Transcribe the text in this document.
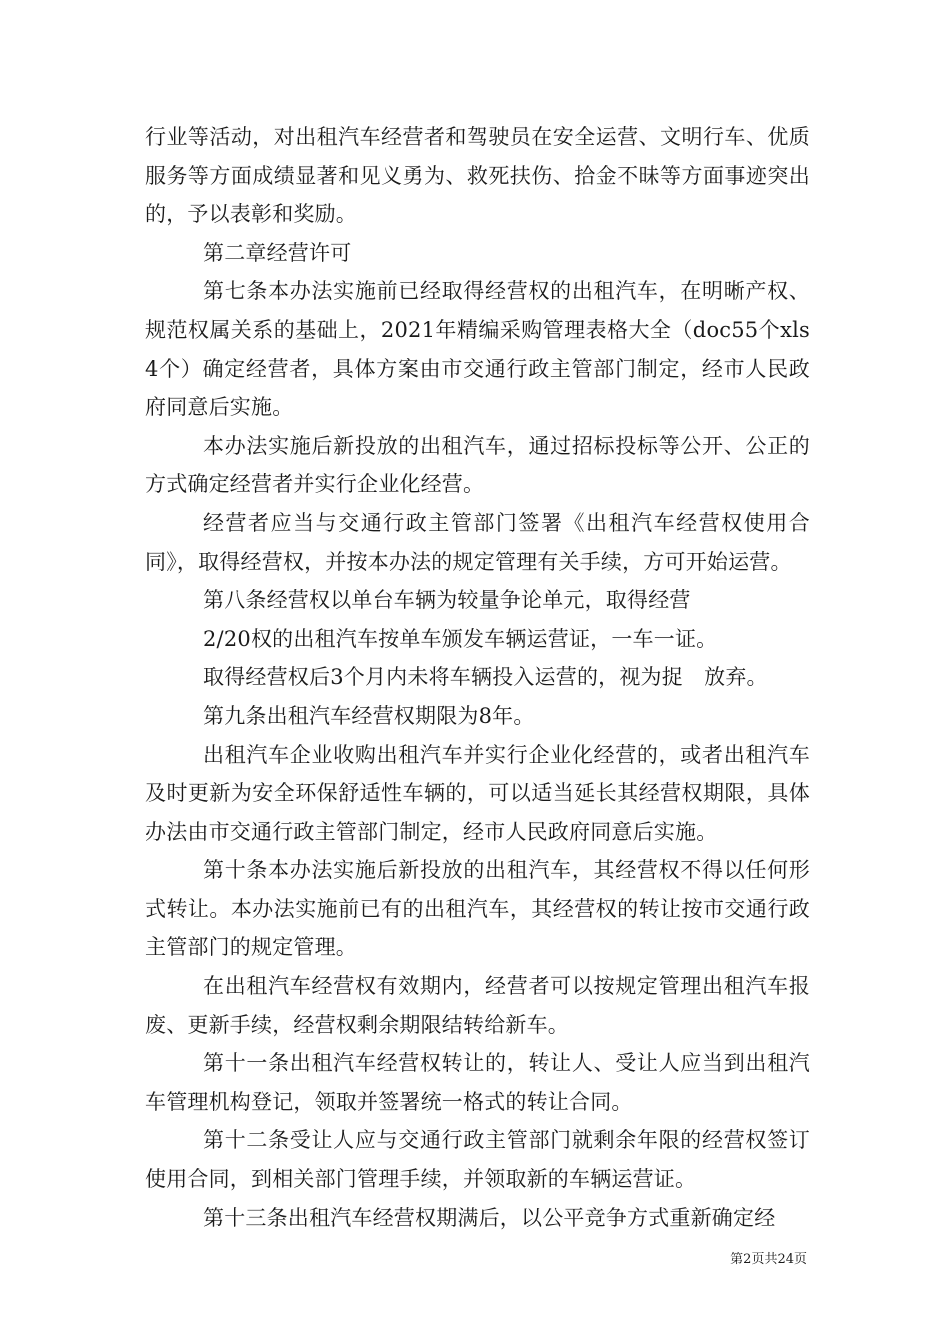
行业等活动，对出租汽车经营者和驾驶员在安全运营、文明行车、优质服务等方面成绩显著和见义勇为、救死扶伤、拾金不昧等方面事迹突出的，予以表彰和奖励。

第二章经营许可

第七条本办法实施前已经取得经营权的出租汽车，在明晰产权、规范权属关系的基础上，2021年精编采购管理表格大全（doc55个xls4个）确定经营者，具体方案由市交通行政主管部门制定，经市人民政府同意后实施。

本办法实施后新投放的出租汽车，通过招标投标等公开、公正的方式确定经营者并实行企业化经营。

经营者应当与交通行政主管部门签署《出租汽车经营权使用合同》，取得经营权，并按本办法的规定管理有关手续，方可开始运营。

第八条经营权以单台车辆为较量争论单元，取得经营

2/20权的出租汽车按单车颁发车辆运营证，一车一证。

取得经营权后3个月内未将车辆投入运营的，视为捉　放弃。

第九条出租汽车经营权期限为8年。

出租汽车企业收购出租汽车并实行企业化经营的，或者出租汽车及时更新为安全环保舒适性车辆的，可以适当延长其经营权期限，具体办法由市交通行政主管部门制定，经市人民政府同意后实施。

第十条本办法实施后新投放的出租汽车，其经营权不得以任何形式转让。本办法实施前已有的出租汽车，其经营权的转让按市交通行政主管部门的规定管理。

在出租汽车经营权有效期内，经营者可以按规定管理出租汽车报废、更新手续，经营权剩余期限结转给新车。

第十一条出租汽车经营权转让的，转让人、受让人应当到出租汽车管理机构登记，领取并签署统一格式的转让合同。

第十二条受让人应与交通行政主管部门就剩余年限的经营权签订使用合同，到相关部门管理手续，并领取新的车辆运营证。

第十三条出租汽车经营权期满后，以公平竞争方式重新确定经

第2页共24页
